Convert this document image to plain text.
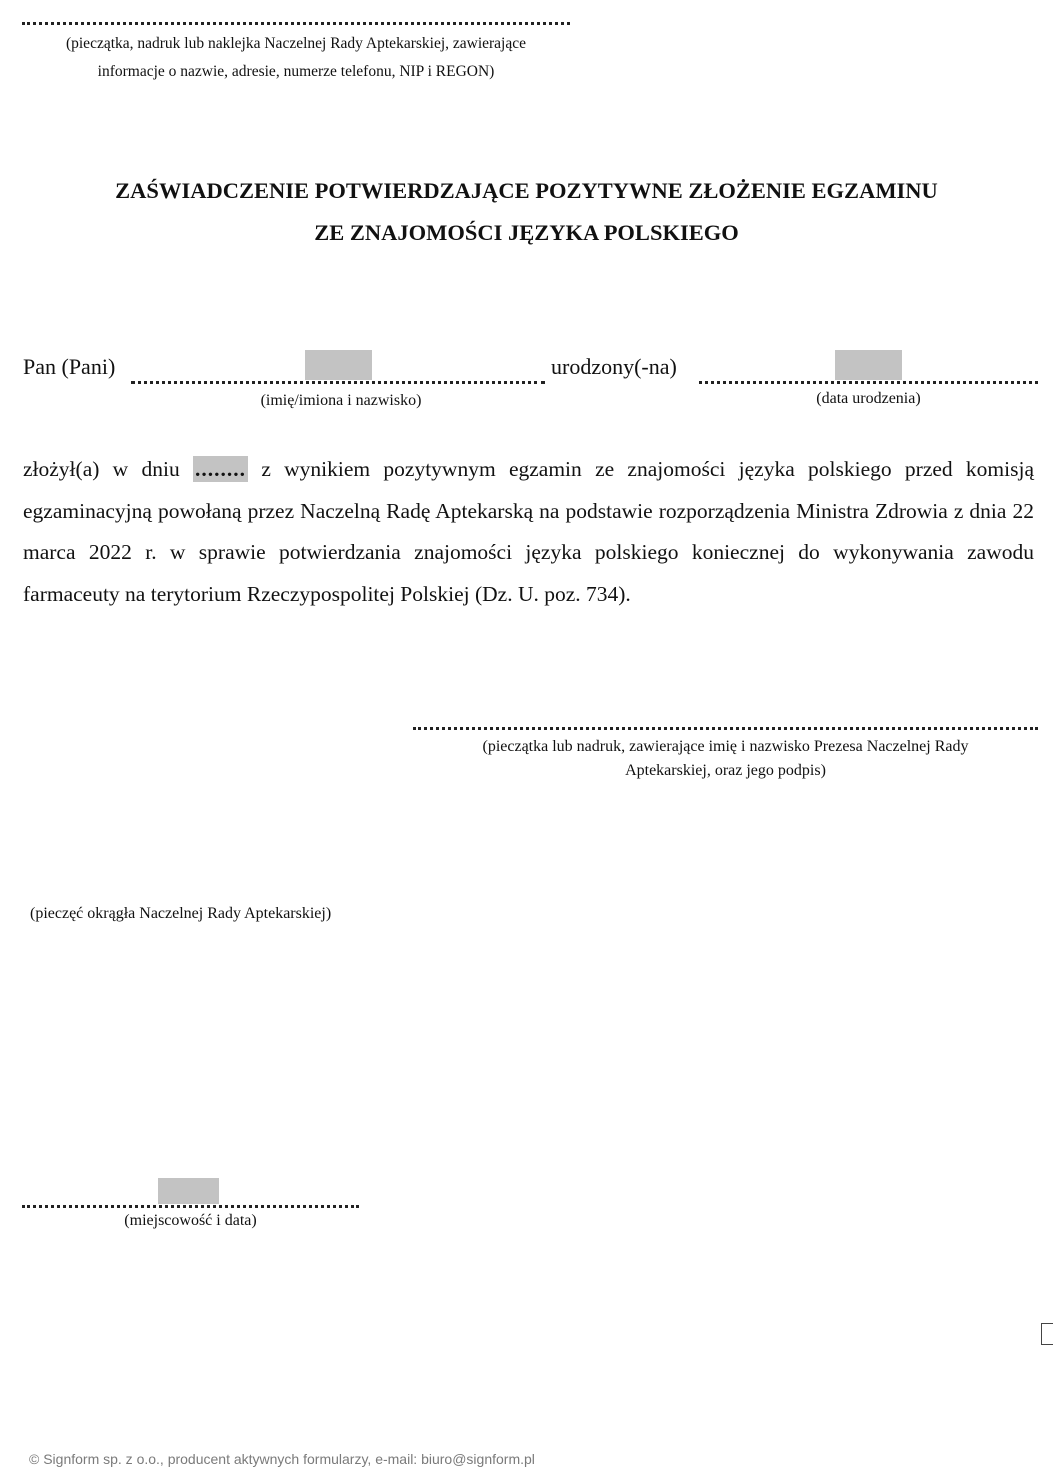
(pieczątka, nadruk lub naklejka Naczelnej Rady Aptekarskiej, zawierające
informacje o nazwie, adresie, numerze telefonu, NIP i REGON)
ZAŚWIADCZENIE POTWIERDZAJĄCE POZYTYWNE ZŁOŻENIE EGZAMINU
ZE ZNAJOMOŚCI JĘZYKA POLSKIEGO
Pan (Pani)
(imię/imiona i nazwisko)
urodzony(-na)
(data urodzenia)
złożył(a) w dniu ........ z wynikiem pozytywnym egzamin ze znajomości języka polskiego przed komisją egzaminacyjną powołaną przez Naczelną Radę Aptekarską na podstawie rozporządzenia Ministra Zdrowia z dnia 22 marca 2022 r. w sprawie potwierdzania znajomości języka polskiego koniecznej do wykonywania zawodu farmaceuty na terytorium Rzeczypospolitej Polskiej (Dz. U. poz. 734).
(pieczątka lub nadruk, zawierające imię i nazwisko Prezesa Naczelnej Rady
Aptekarskiej, oraz jego podpis)
(pieczęć okrągła Naczelnej Rady Aptekarskiej)
(miejscowość i data)
© Signform sp. z o.o., producent aktywnych formularzy, e-mail: biuro@signform.pl
